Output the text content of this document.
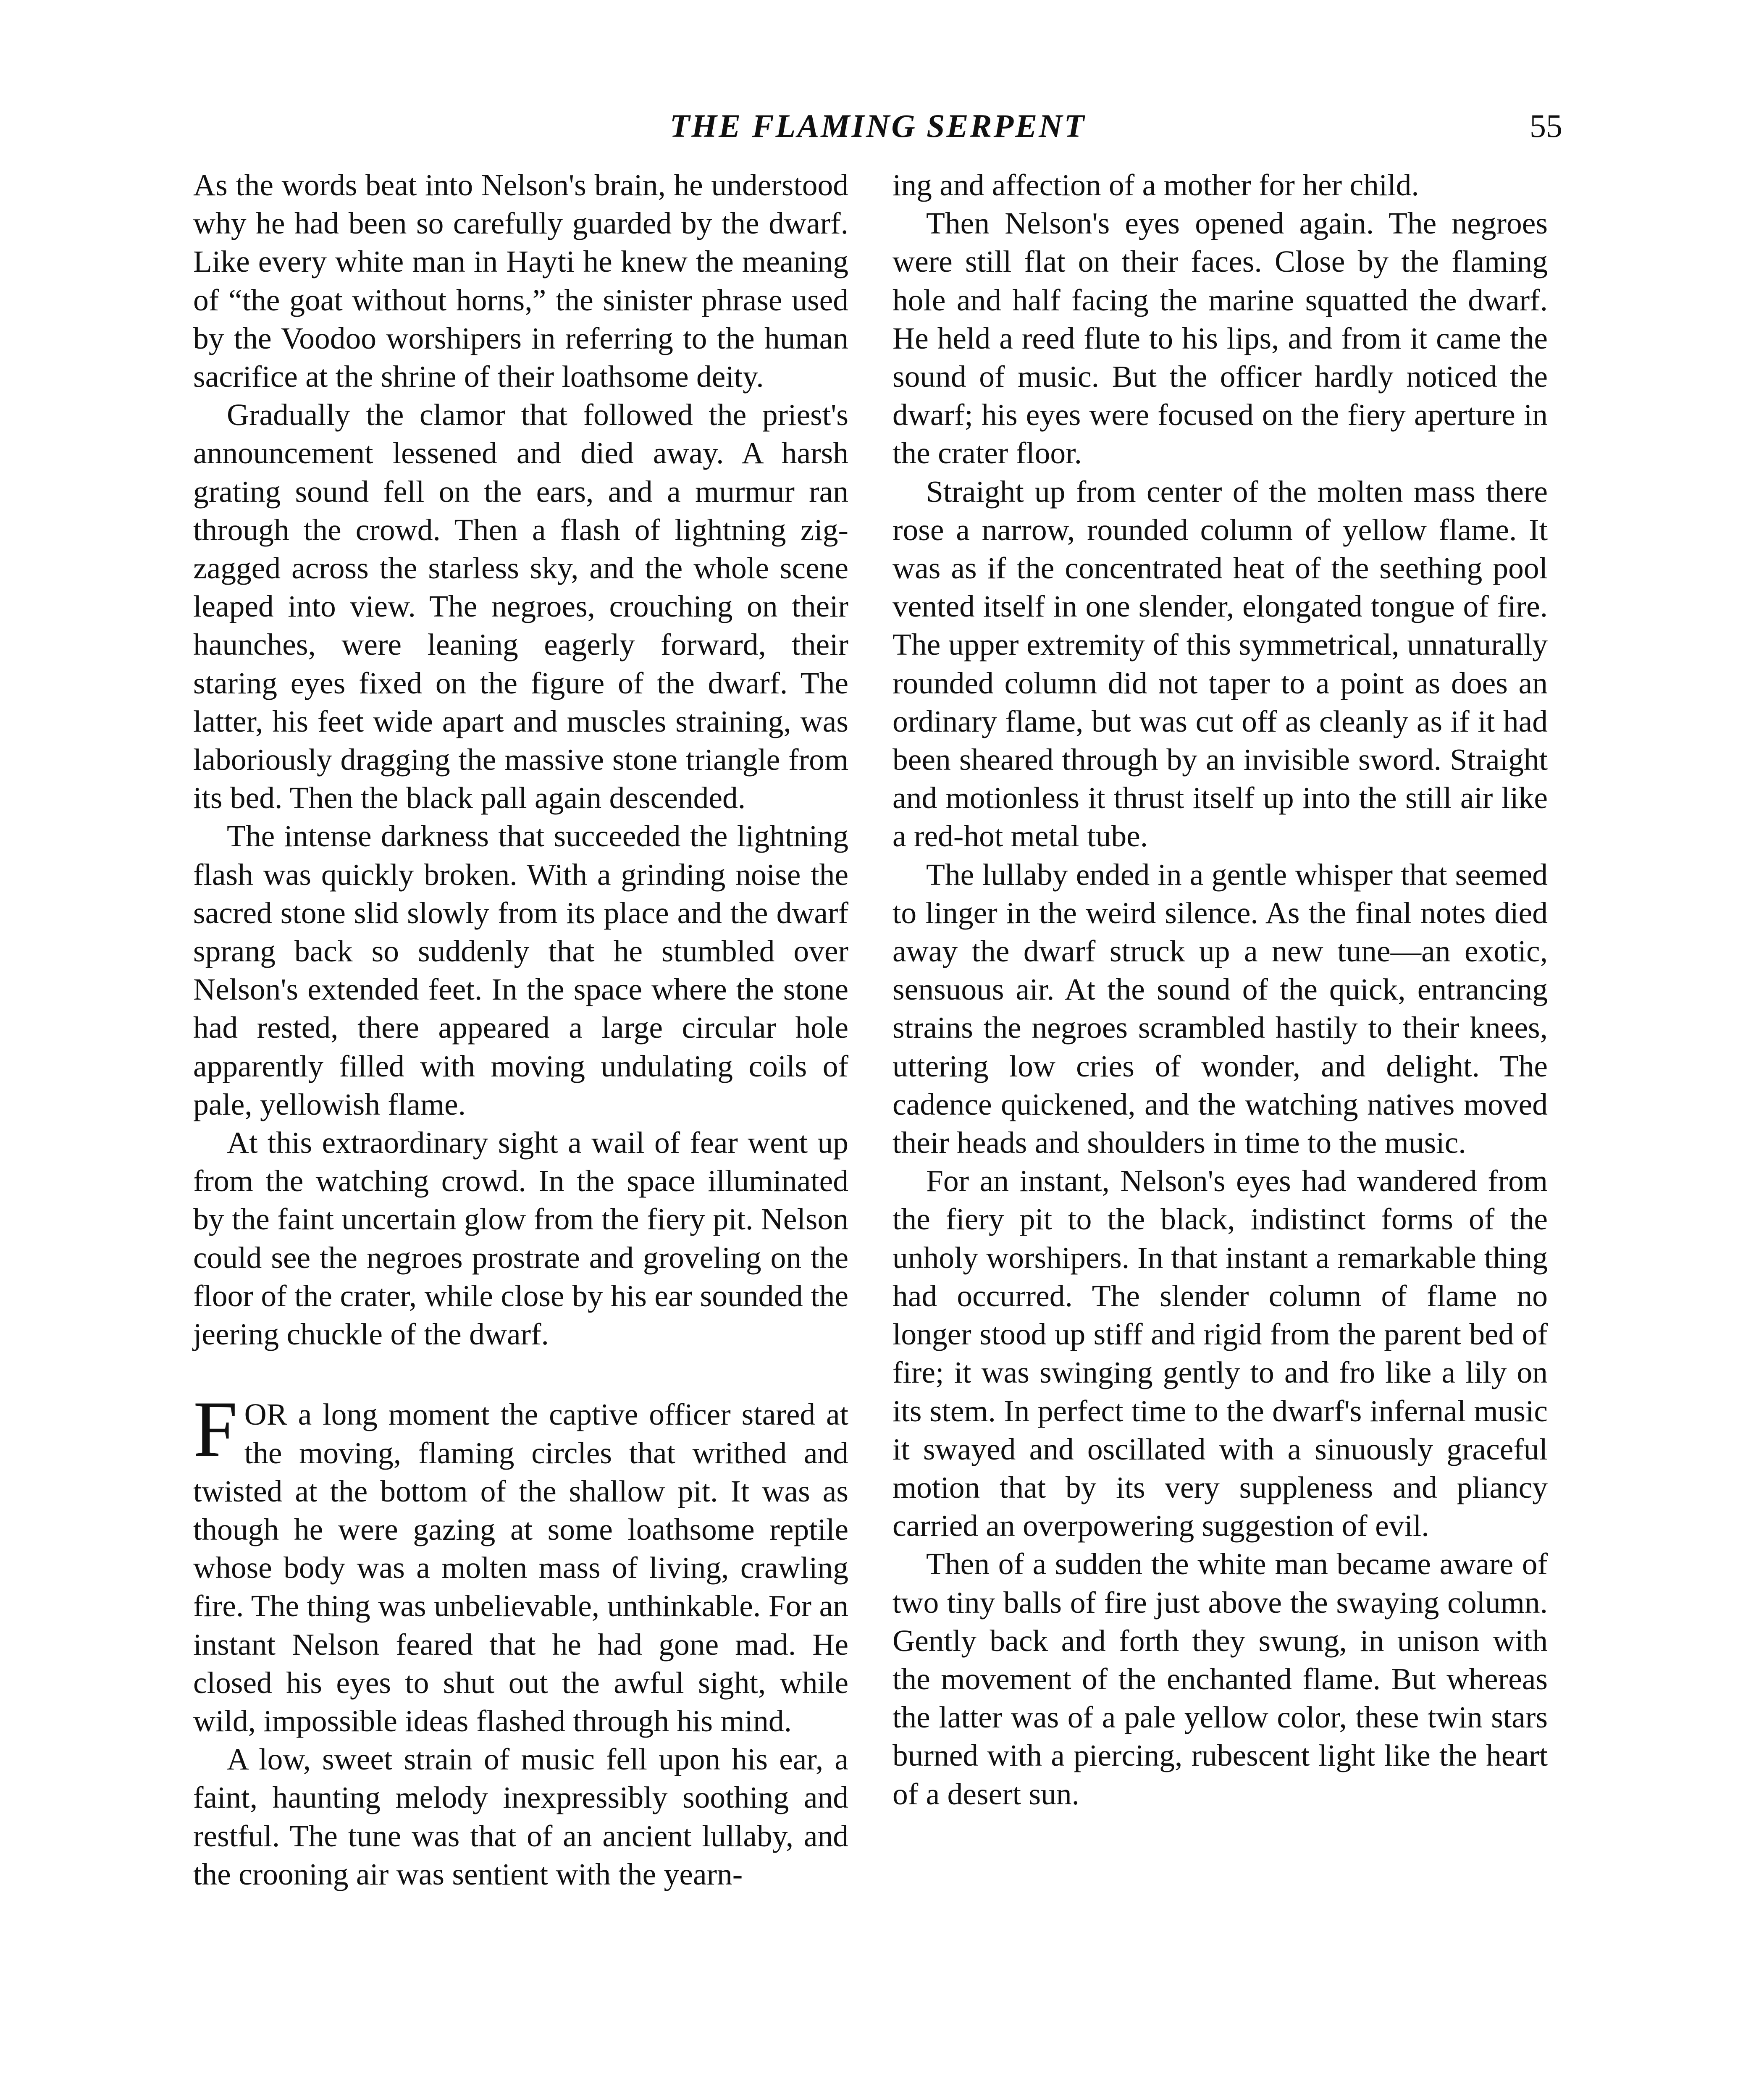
THE FLAMING SERPENT	55

As the words beat into Nelson's brain, he understood why he had been so carefully guarded by the dwarf. Like every white man in Hayti he knew the meaning of “the goat without horns,” the sinister phrase used by the Voodoo worshipers in referring to the human sacrifice at the shrine of their loathsome deity.

Gradually the clamor that followed the priest's announcement lessened and died away. A harsh grating sound fell on the ears, and a murmur ran through the crowd. Then a flash of lightning zig-zagged across the starless sky, and the whole scene leaped into view. The negroes, crouching on their haunches, were leaning eagerly forward, their staring eyes fixed on the figure of the dwarf. The latter, his feet wide apart and muscles straining, was laboriously dragging the massive stone triangle from its bed. Then the black pall again descended.

The intense darkness that succeeded the lightning flash was quickly broken. With a grinding noise the sacred stone slid slowly from its place and the dwarf sprang back so suddenly that he stumbled over Nelson's extended feet. In the space where the stone had rested, there appeared a large circular hole apparently filled with moving undulating coils of pale, yellowish flame.

At this extraordinary sight a wail of fear went up from the watching crowd. In the space illuminated by the faint uncertain glow from the fiery pit. Nelson could see the negroes prostrate and groveling on the floor of the crater, while close by his ear sounded the jeering chuckle of the dwarf.

FOR a long moment the captive officer stared at the moving, flaming circles that writhed and twisted at the bottom of the shallow pit. It was as though he were gazing at some loathsome reptile whose body was a molten mass of living, crawling fire. The thing was unbelievable, unthinkable. For an instant Nelson feared that he had gone mad. He closed his eyes to shut out the awful sight, while wild, impossible ideas flashed through his mind.

A low, sweet strain of music fell upon his ear, a faint, haunting melody inexpressibly soothing and restful. The tune was that of an ancient lullaby, and the crooning air was sentient with the yearn-

ing and affection of a mother for her child.

Then Nelson's eyes opened again. The negroes were still flat on their faces. Close by the flaming hole and half facing the marine squatted the dwarf. He held a reed flute to his lips, and from it came the sound of music. But the officer hardly noticed the dwarf; his eyes were focused on the fiery aperture in the crater floor.

Straight up from center of the molten mass there rose a narrow, rounded column of yellow flame. It was as if the concentrated heat of the seething pool vented itself in one slender, elongated tongue of fire. The upper extremity of this symmetrical, unnaturally rounded column did not taper to a point as does an ordinary flame, but was cut off as cleanly as if it had been sheared through by an invisible sword. Straight and motionless it thrust itself up into the still air like a red-hot metal tube.

The lullaby ended in a gentle whisper that seemed to linger in the weird silence. As the final notes died away the dwarf struck up a new tune—an exotic, sensuous air. At the sound of the quick, entrancing strains the negroes scrambled hastily to their knees, uttering low cries of wonder, and delight. The cadence quickened, and the watching natives moved their heads and shoulders in time to the music.

For an instant, Nelson's eyes had wandered from the fiery pit to the black, indistinct forms of the unholy worshipers. In that instant a remarkable thing had occurred. The slender column of flame no longer stood up stiff and rigid from the parent bed of fire; it was swinging gently to and fro like a lily on its stem. In perfect time to the dwarf's infernal music it swayed and oscillated with a sinuously graceful motion that by its very suppleness and pliancy carried an overpowering suggestion of evil.

Then of a sudden the white man became aware of two tiny balls of fire just above the swaying column. Gently back and forth they swung, in unison with the movement of the enchanted flame. But whereas the latter was of a pale yellow color, these twin stars burned with a piercing, rubescent light like the heart of a desert sun.
